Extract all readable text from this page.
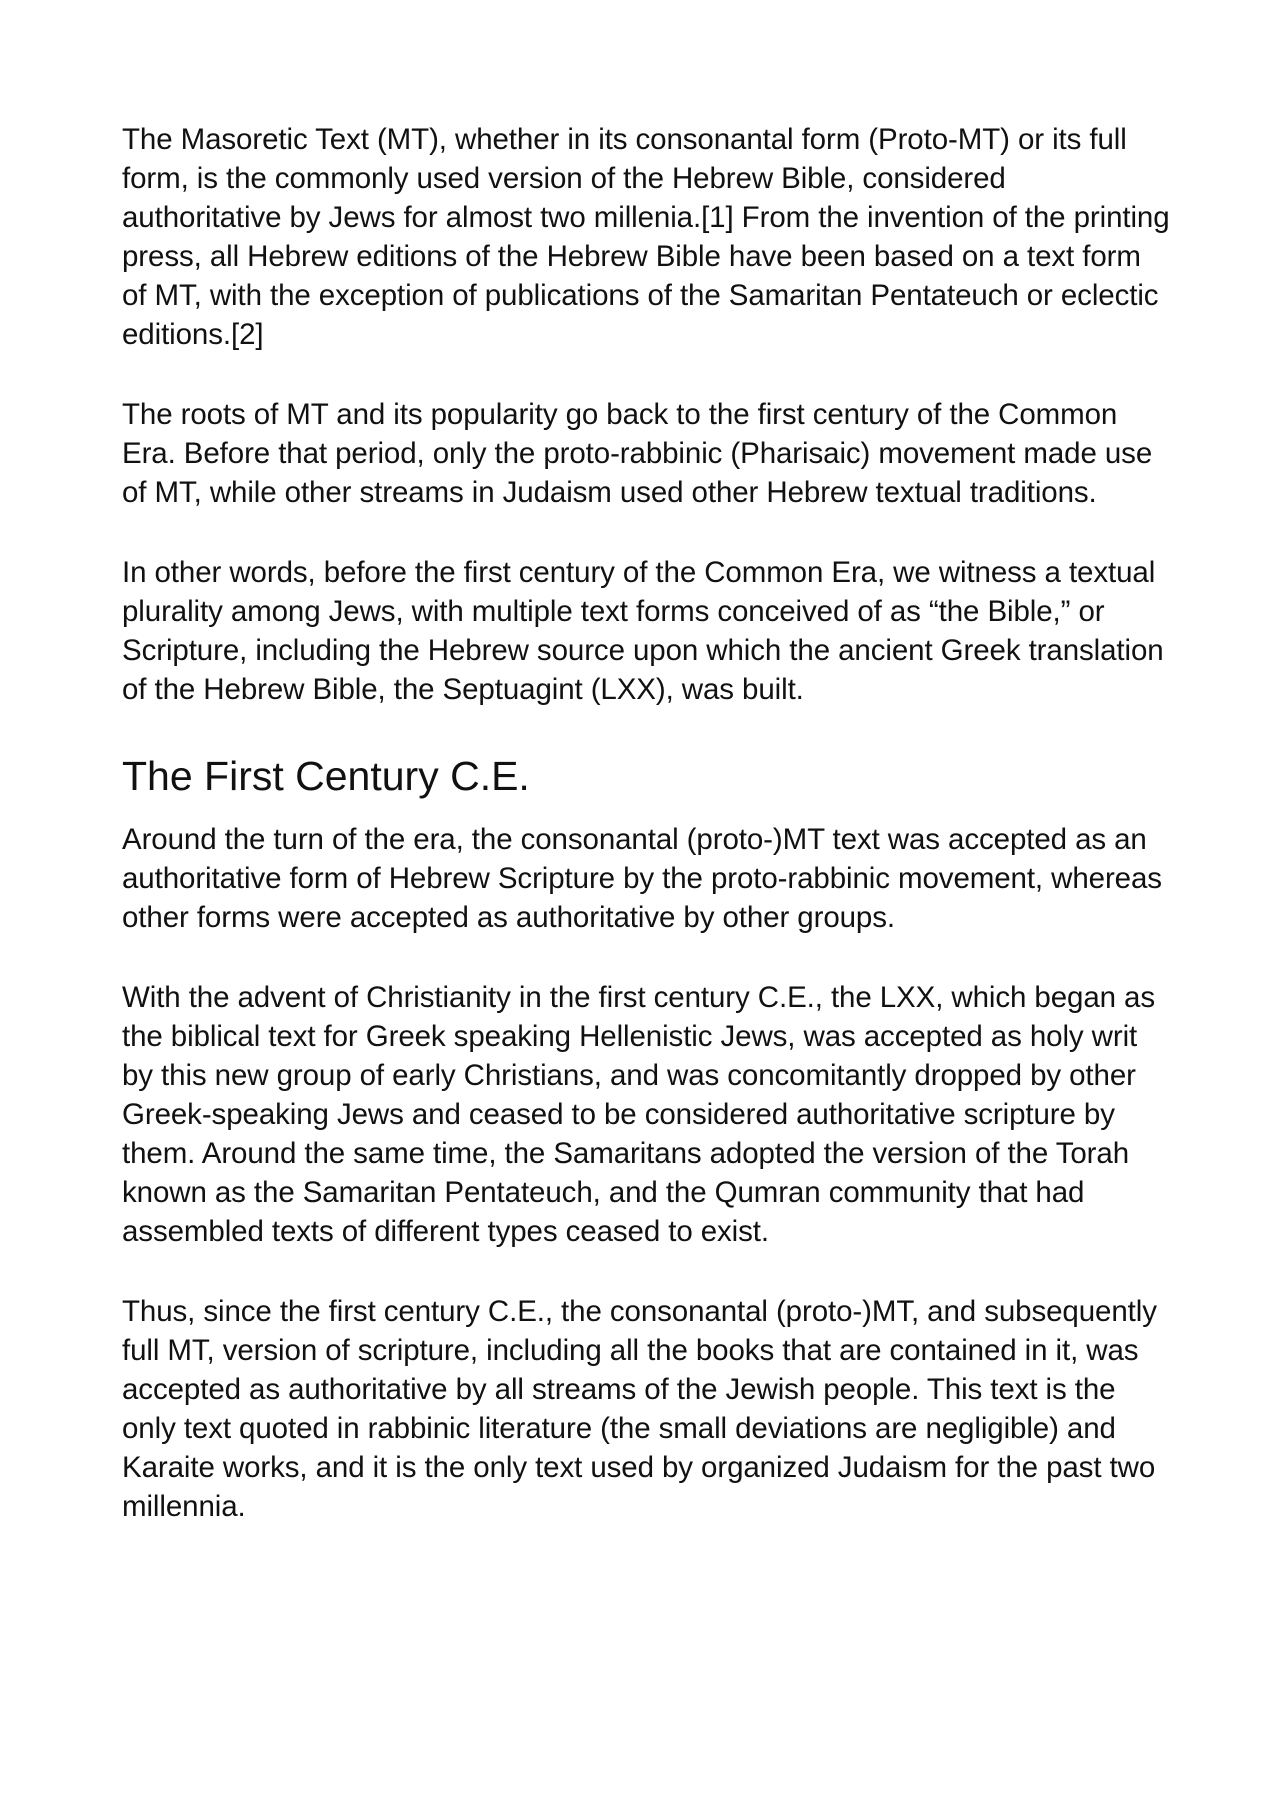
The Masoretic Text (MT), whether in its consonantal form (Proto-MT) or its full form, is the commonly used version of the Hebrew Bible, considered authoritative by Jews for almost two millenia.[1] From the invention of the printing press, all Hebrew editions of the Hebrew Bible have been based on a text form of MT, with the exception of publications of the Samaritan Pentateuch or eclectic editions.[2]

The roots of MT and its popularity go back to the first century of the Common Era. Before that period, only the proto-rabbinic (Pharisaic) movement made use of MT, while other streams in Judaism used other Hebrew textual traditions.

In other words, before the first century of the Common Era, we witness a textual plurality among Jews, with multiple text forms conceived of as “the Bible,” or Scripture, including the Hebrew source upon which the ancient Greek translation of the Hebrew Bible, the Septuagint (LXX), was built.

The First Century C.E.

Around the turn of the era, the consonantal (proto-)MT text was accepted as an authoritative form of Hebrew Scripture by the proto-rabbinic movement, whereas other forms were accepted as authoritative by other groups.

With the advent of Christianity in the first century C.E., the LXX, which began as the biblical text for Greek speaking Hellenistic Jews, was accepted as holy writ by this new group of early Christians, and was concomitantly dropped by other Greek-speaking Jews and ceased to be considered authoritative scripture by them. Around the same time, the Samaritans adopted the version of the Torah known as the Samaritan Pentateuch, and the Qumran community that had assembled texts of different types ceased to exist.

Thus, since the first century C.E., the consonantal (proto-)MT, and subsequently full MT, version of scripture, including all the books that are contained in it, was accepted as authoritative by all streams of the Jewish people. This text is the only text quoted in rabbinic literature (the small deviations are negligible) and Karaite works, and it is the only text used by organized Judaism for the past two millennia.
